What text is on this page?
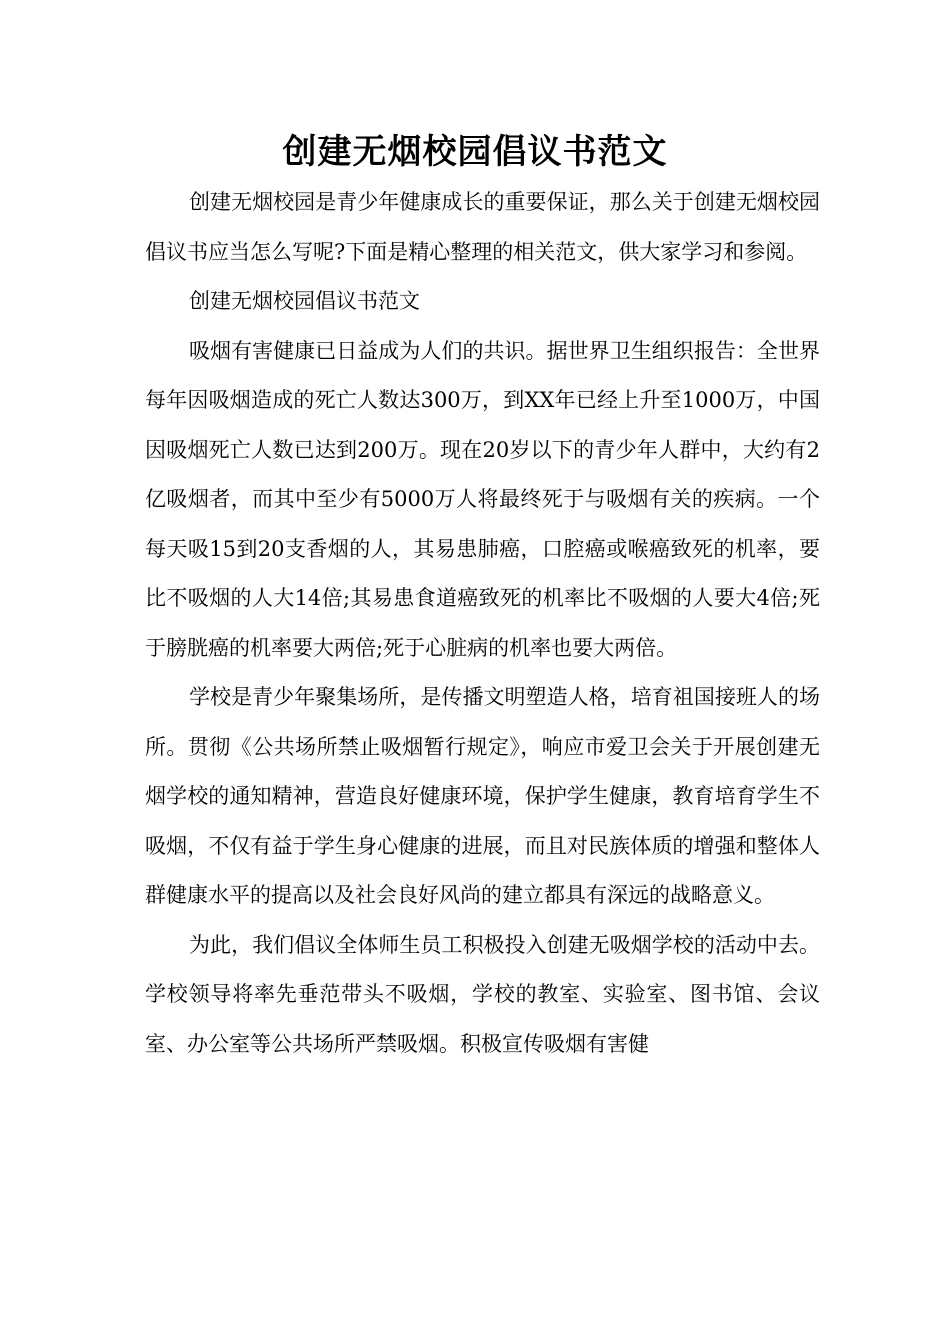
创建无烟校园倡议书范文

创建无烟校园是青少年健康成长的重要保证，那么关于创建无烟校园倡议书应当怎么写呢?下面是精心整理的相关范文，供大家学习和参阅。

创建无烟校园倡议书范文

吸烟有害健康已日益成为人们的共识。据世界卫生组织报告：全世界每年因吸烟造成的死亡人数达300万，到XX年已经上升至1000万，中国因吸烟死亡人数已达到200万。现在20岁以下的青少年人群中，大约有2亿吸烟者，而其中至少有5000万人将最终死于与吸烟有关的疾病。一个每天吸15到20支香烟的人，其易患肺癌，口腔癌或喉癌致死的机率，要比不吸烟的人大14倍;其易患食道癌致死的机率比不吸烟的人要大4倍;死于膀胱癌的机率要大两倍;死于心脏病的机率也要大两倍。

学校是青少年聚集场所，是传播文明塑造人格，培育祖国接班人的场所。贯彻《公共场所禁止吸烟暂行规定》，响应市爱卫会关于开展创建无烟学校的通知精神，营造良好健康环境，保护学生健康，教育培育学生不吸烟，不仅有益于学生身心健康的进展，而且对民族体质的增强和整体人群健康水平的提高以及社会良好风尚的建立都具有深远的战略意义。

为此，我们倡议全体师生员工积极投入创建无吸烟学校的活动中去。学校领导将率先垂范带头不吸烟，学校的教室、实验室、图书馆、会议室、办公室等公共场所严禁吸烟。积极宣传吸烟有害健
